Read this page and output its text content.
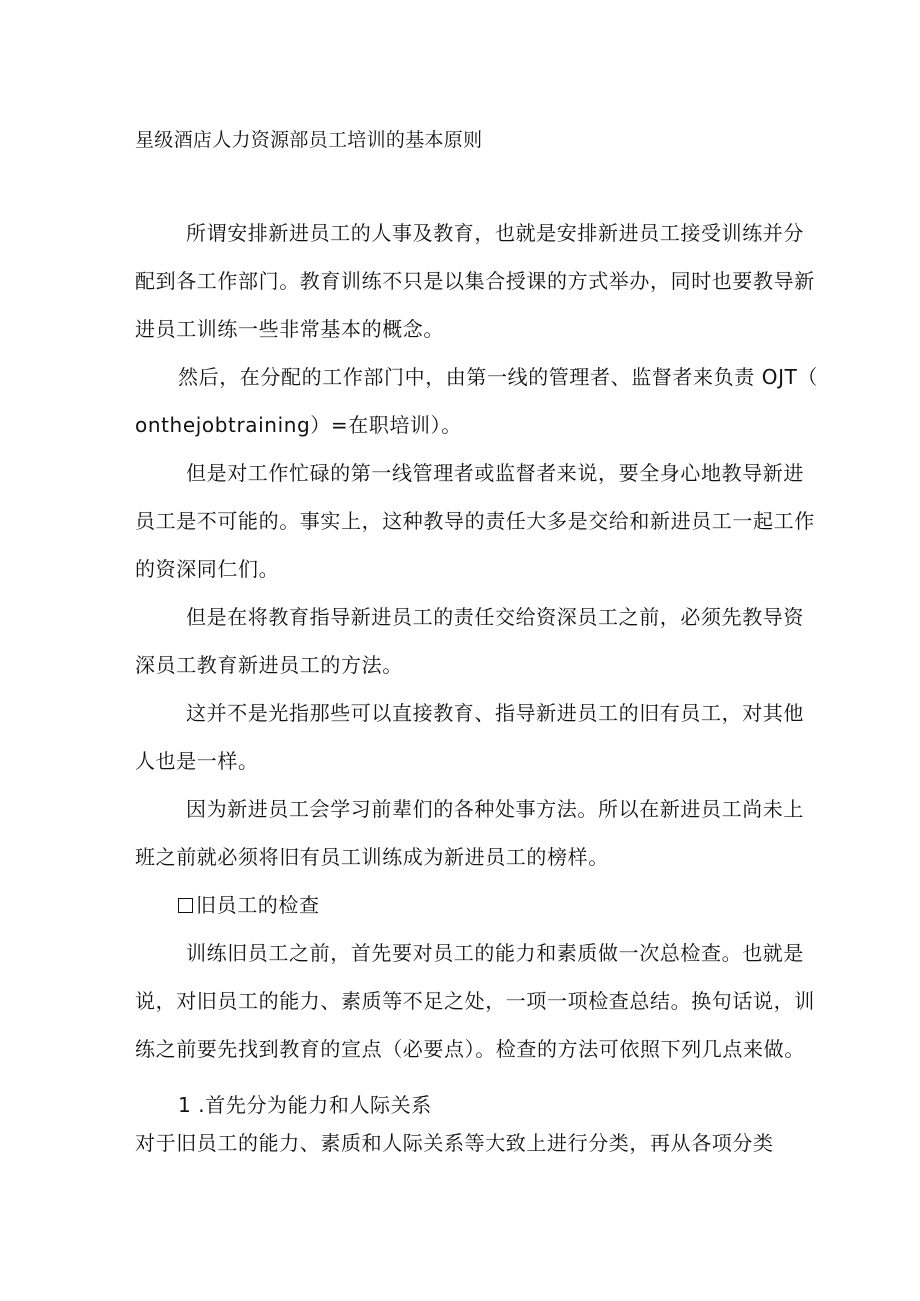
星级酒店人力资源部员工培训的基本原则
所谓安排新进员工的人事及教育，也就是安排新进员工接受训练并分
配到各工作部门。教育训练不只是以集合授课的方式举办，同时也要教导新
进员工训练一些非常基本的概念。
然后，在分配的工作部门中，由第一线的管理者、监督者来负责 OJT（
onthejobtraining）=在职培训）。
但是对工作忙碌的第一线管理者或监督者来说，要全身心地教导新进
员工是不可能的。事实上，这种教导的责任大多是交给和新进员工一起工作
的资深同仁们。
但是在将教育指导新进员工的责任交给资深员工之前，必须先教导资
深员工教育新进员工的方法。
这并不是光指那些可以直接教育、指导新进员工的旧有员工，对其他
人也是一样。
因为新进员工会学习前辈们的各种处事方法。所以在新进员工尚未上
班之前就必须将旧有员工训练成为新进员工的榜样。
旧员工的检查
训练旧员工之前，首先要对员工的能力和素质做一次总检查。也就是
说，对旧员工的能力、素质等不足之处，一项一项检查总结。换句话说，训
练之前要先找到教育的宣点（必要点）。检查的方法可依照下列几点来做。
1 .首先分为能力和人际关系
对于旧员工的能力、素质和人际关系等大致上进行分类，再从各项分类
